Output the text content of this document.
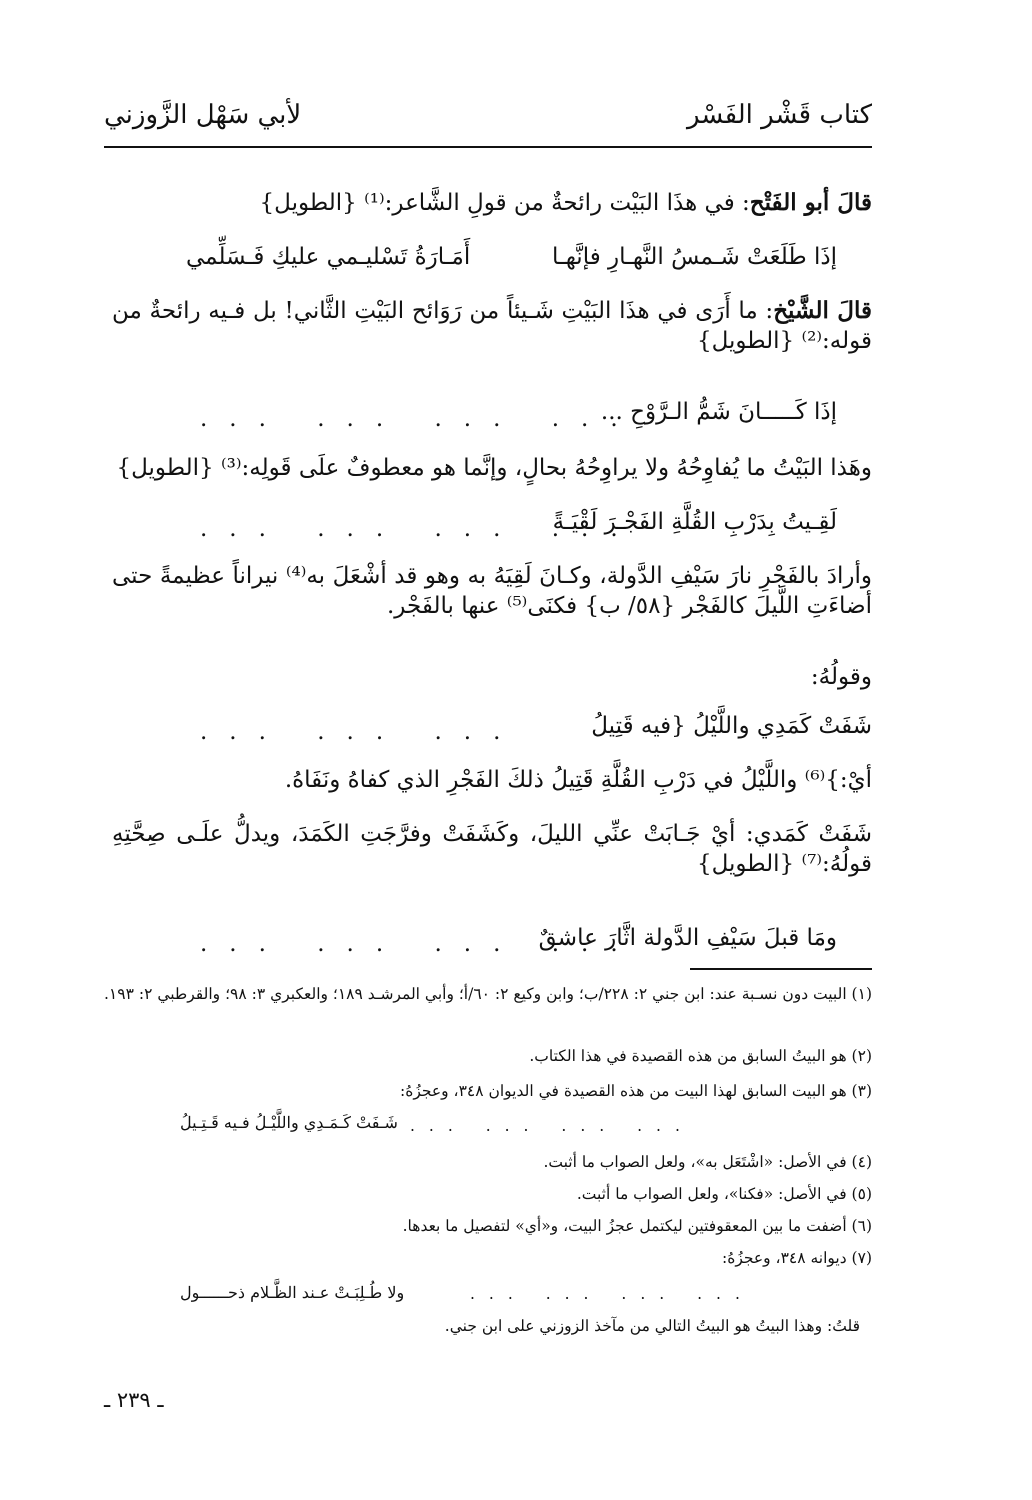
كتاب قَشْر الفَسْر
لأبي سَهْل الزَّوزني
قالَ أبو الفَتْح: في هذَا البَيْت رائحةٌ من قولِ الشَّاعر:⁽¹⁾ {الطويل}
إذَا طَلَعَتْ شَـمسُ النَّهـارِ فإنَّهـا
أَمَـارَةُ تَسْليـمي عليكِ فَـسَلِّمي
قالَ الشَّيْخ: ما أَرَى في هذَا البَيْتِ شَـيئاً من رَوَائح البَيْتِ الثَّاني! بل فـيه رائحةٌ من قوله:⁽²⁾ {الطويل}
إذَا كَـــــانَ شَمُّ الـرَّوْحِ ...
... ... ... ...
وهَذا البَيْتُ ما يُفاوِحُهُ ولا يراوِحُهُ بحالٍ، وإنَّما هو معطوفٌ علَى قَولِه:⁽³⁾ {الطويل}
لَقِـيتُ بِدَرْبِ القُلَّةِ الفَجْـرَ لَقْيَـةً
... ... ... ...
وأرادَ بالفَجْرِ نارَ سَيْفِ الدَّولة، وكـانَ لَقِيَهُ به وهو قد أشْعَلَ به⁽⁴⁾ نيراناً عظيمةً حتى أضاءَتِ اللَّيلَ كالفَجْر {٥٨/ ب} فكنَى⁽⁵⁾ عنها بالفَجْر.
وقولُهُ:
... ... ...	شَفَتْ كَمَدِي واللَّيْلُ {فيه قَتِيلُ
أيْ:}⁽⁶⁾ واللَّيْلُ في دَرْبِ القُلَّةِ قَتِيلُ ذلكَ الفَجْرِ الذي كفاهُ ونَفَاهُ.
شَفَتْ كَمَدي: أيْ جَـابَتْ عنِّي الليلَ، وكَشَفَتْ وفرَّجَتِ الكَمَدَ، ويدلُّ علَـى صِحَّتِهِ قولُهُ:⁽⁷⁾ {الطويل}
ومَا قبلَ سَيْفِ الدَّولة اثَّارَ عاشقٌ
... ... ... ...
(١) البيت دون نسـبة عند: ابن جني ٢: ٢٢٨/ب؛ وابن وكيع ٢: ٦٠/أ؛ وأبي المرشـد ١٨٩؛ والعكبري ٣: ٩٨؛ والقرطبي ٢: ١٩٣.
(٢) هو البيتُ السابق من هذه القصيدة في هذا الكتاب.
(٣) هو البيت السابق لهذا البيت من هذه القصيدة في الديوان ٣٤٨، وعجزُهُ:
... ... ... ...
شَـفَتْ كَـمَـدِي واللَّيْـلُ فـيه قَـتِـيلُ
(٤) في الأصل: «اشْتَعَل به»، ولعل الصواب ما أثبت.
(٥) في الأصل: «فكنا»، ولعل الصواب ما أثبت.
(٦) أضفت ما بين المعقوفتين ليكتمل عجزُ البيت، و«أي» لتفصيل ما بعدها.
(٧) ديوانه ٣٤٨، وعجزُهُ:
... ... ... ...
ولا طُـلِبَـتْ عـند الظَّـلام ذحــــــول
قلتُ: وهذا البيتُ هو البيتُ التالي من مآخذ الزوزني على ابن جني.
ـ ٢٣٩ ـ
